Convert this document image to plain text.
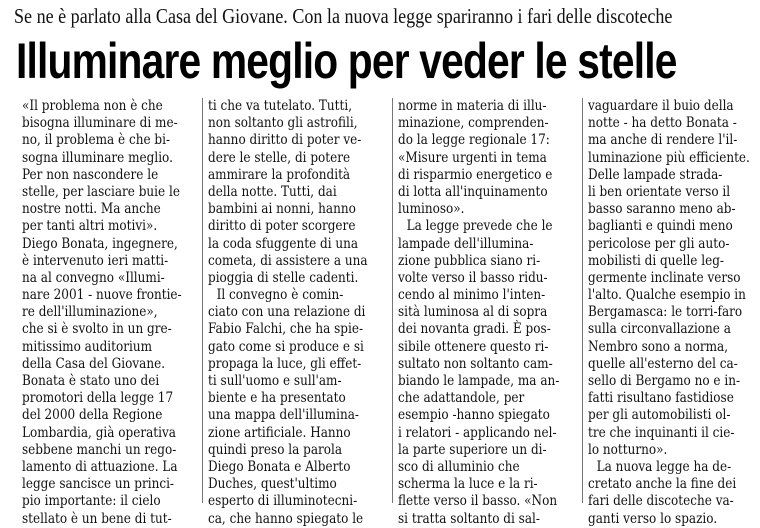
Se ne è parlato alla Casa del Giovane. Con la nuova legge spariranno i fari delle discoteche
Illuminare meglio per veder le stelle
«Il problema non è che
bisogna illuminare di me-
no, il problema è che bi-
sogna illuminare meglio.
Per non nascondere le
stelle, per lasciare buie le
nostre notti. Ma anche
per tanti altri motivi».
Diego Bonata, ingegnere,
è intervenuto ieri matti-
na al convegno «Illumi-
nare 2001 - nuove frontie-
re dell'illuminazione»,
che si è svolto in un gre-
mitissimo auditorium
della Casa del Giovane.
Bonata è stato uno dei
promotori della legge 17
del 2000 della Regione
Lombardia, già operativa
sebbene manchi un rego-
lamento di attuazione. La
legge sancisce un princi-
pio importante: il cielo
stellato è un bene di tut-
ti che va tutelato. Tutti,
non soltanto gli astrofili,
hanno diritto di poter ve-
dere le stelle, di potere
ammirare la profondità
della notte. Tutti, dai
bambini ai nonni, hanno
diritto di poter scorgere
la coda sfuggente di una
cometa, di assistere a una
pioggia di stelle cadenti.
Il convegno è comin-
ciato con una relazione di
Fabio Falchi, che ha spie-
gato come si produce e si
propaga la luce, gli effet-
ti sull'uomo e sull'am-
biente e ha presentato
una mappa dell'illumina-
zione artificiale. Hanno
quindi preso la parola
Diego Bonata e Alberto
Duches, quest'ultimo
esperto di illuminotecni-
ca, che hanno spiegato le
norme in materia di illu-
minazione, comprenden-
do la legge regionale 17:
«Misure urgenti in tema
di risparmio energetico e
di lotta all'inquinamento
luminoso».
La legge prevede che le
lampade dell'illumina-
zione pubblica siano ri-
volte verso il basso ridu-
cendo al minimo l'inten-
sità luminosa al di sopra
dei novanta gradi. È pos-
sibile ottenere questo ri-
sultato non soltanto cam-
biando le lampade, ma an-
che adattandole, per
esempio -hanno spiegato
i relatori - applicando nel-
la parte superiore un di-
sco di alluminio che
scherma la luce e la ri-
flette verso il basso. «Non
si tratta soltanto di sal-
vaguardare il buio della
notte - ha detto Bonata -
ma anche di rendere l'il-
luminazione più efficiente.
Delle lampade strada-
li ben orientate verso il
basso saranno meno ab-
baglianti e quindi meno
pericolose per gli auto-
mobilisti di quelle leg-
germente inclinate verso
l'alto. Qualche esempio in
Bergamasca: le torri-faro
sulla circonvallazione a
Nembro sono a norma,
quelle all'esterno del ca-
sello di Bergamo no e in-
fatti risultano fastidiose
per gli automobilisti ol-
tre che inquinanti il cie-
lo notturno».
La nuova legge ha de-
cretato anche la fine dei
fari delle discoteche va-
ganti verso lo spazio.
